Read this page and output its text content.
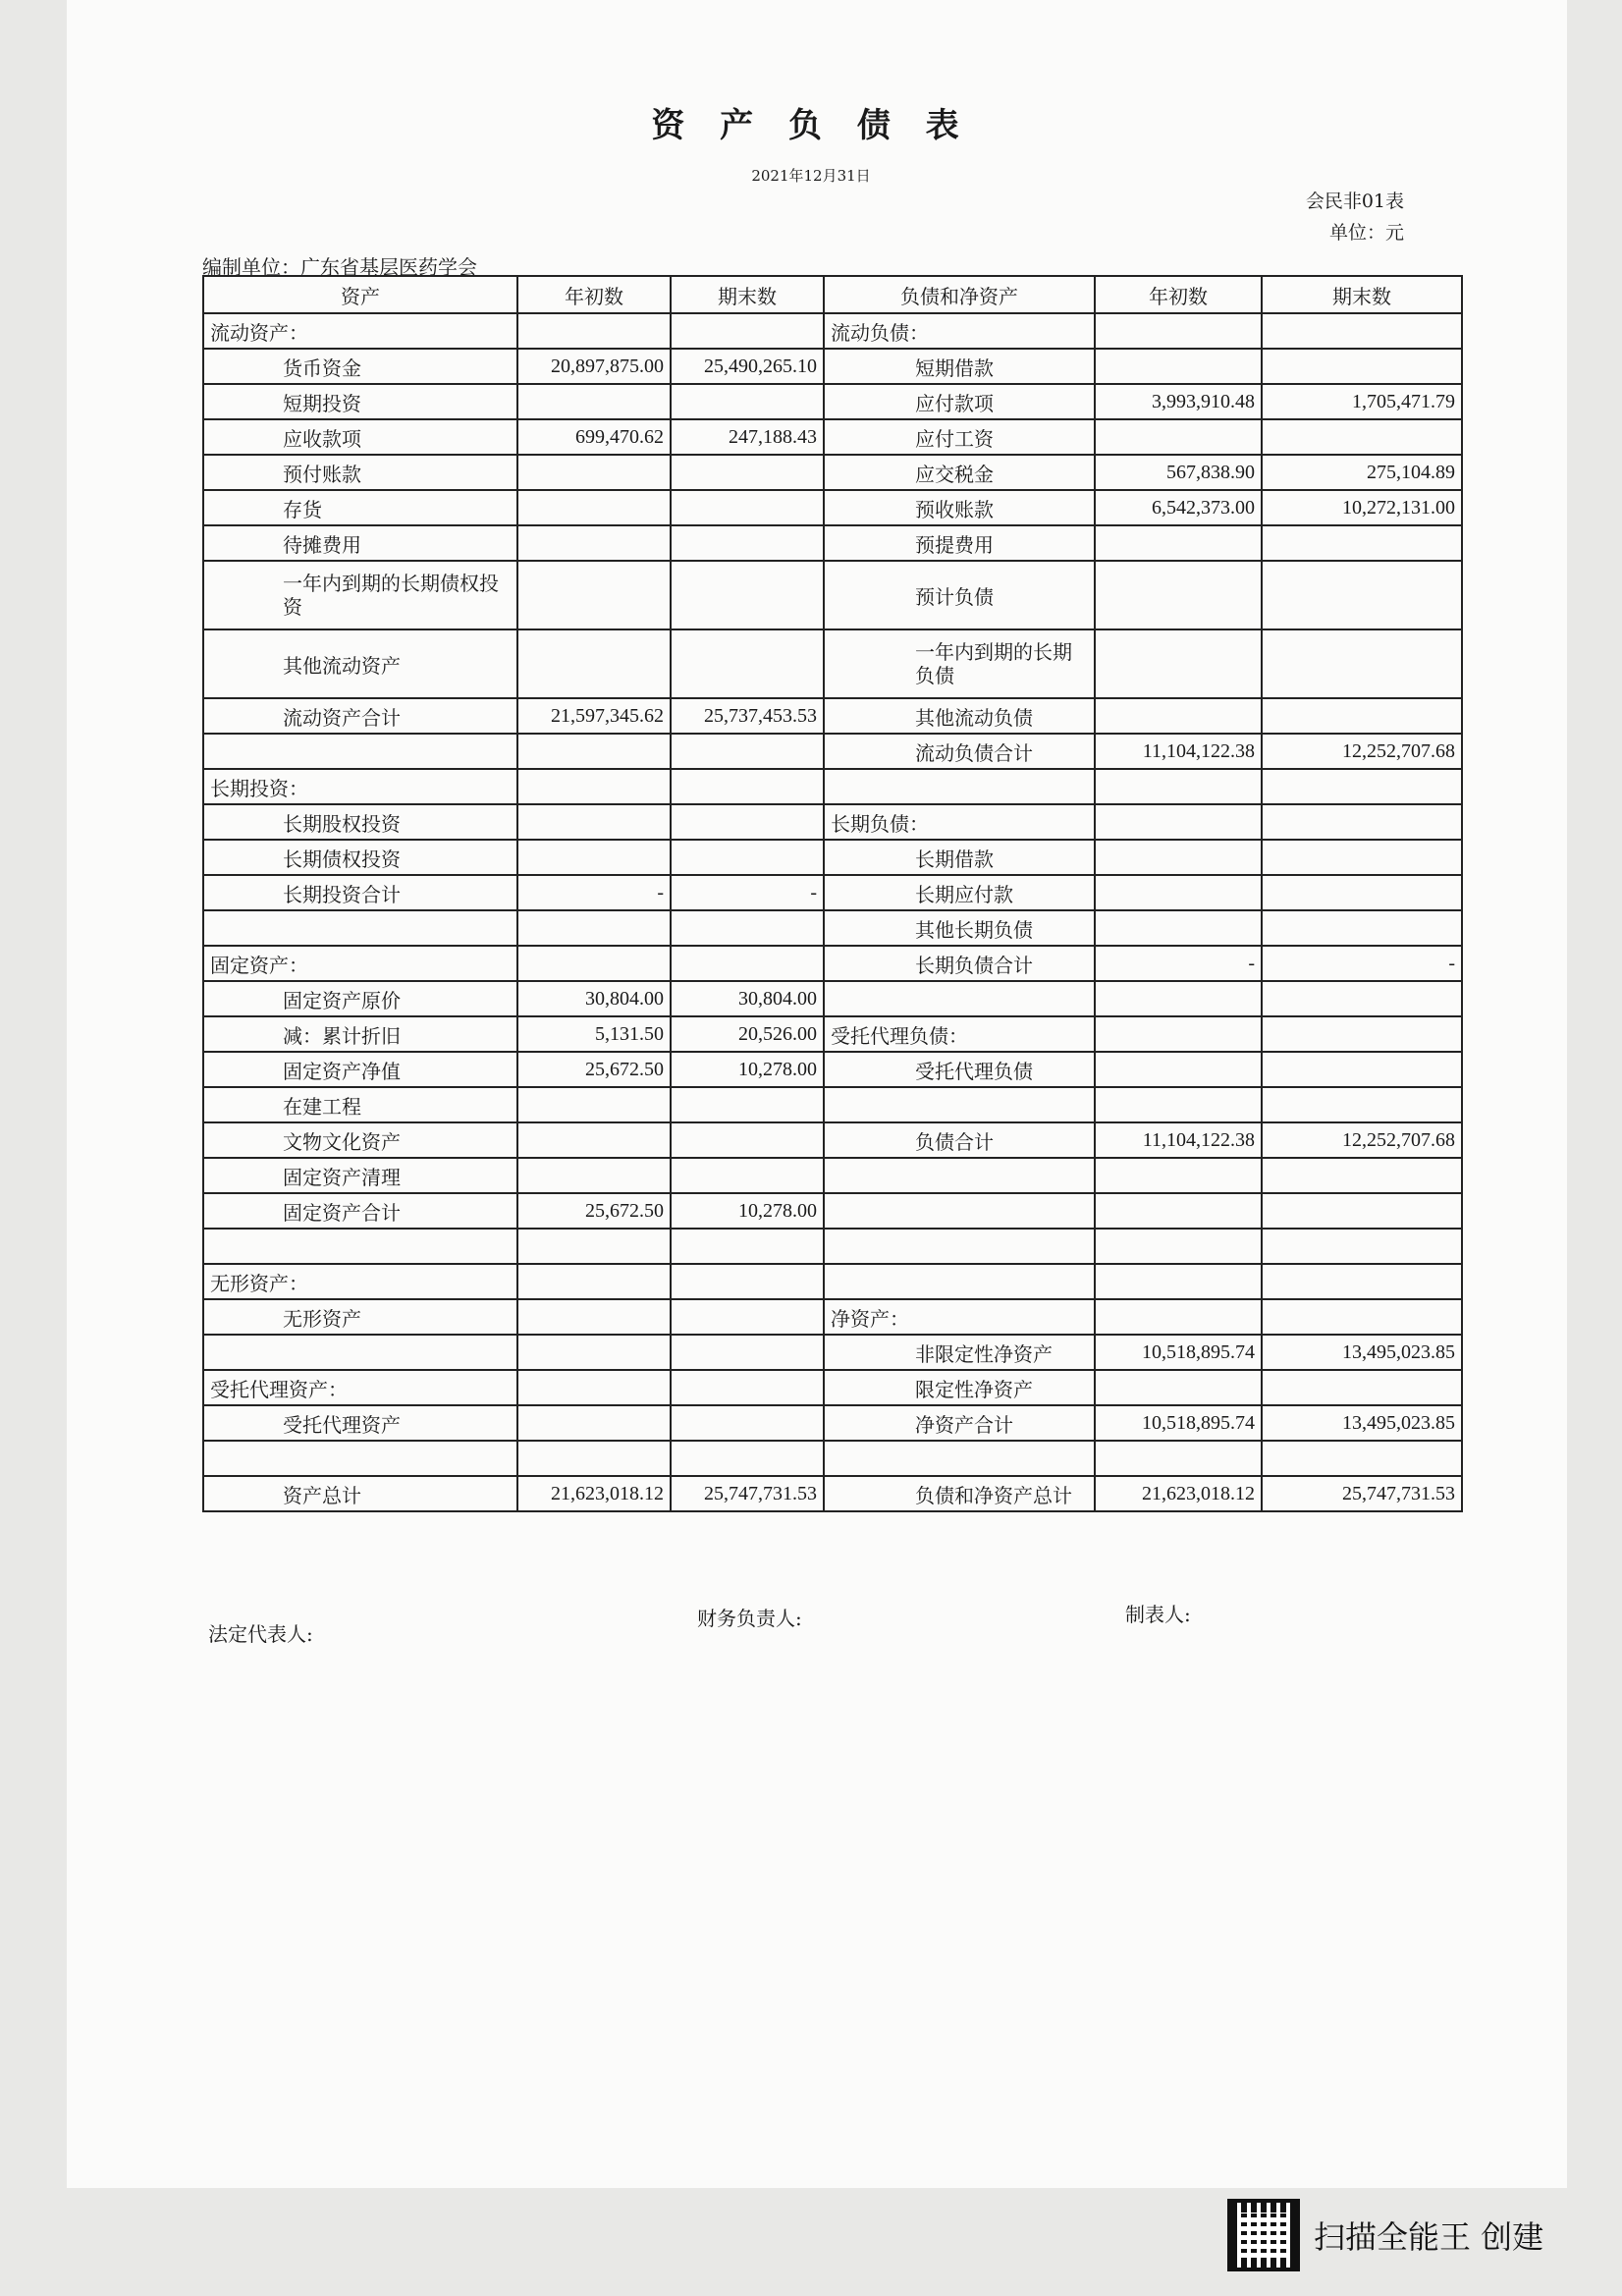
资 产 负 债 表
2021年12月31日
会民非01表
单位：元
编制单位：广东省基层医药学会
资产	年初数	期末数	负债和净资产	年初数	期末数
流动资产：			流动负债：		
货币资金	20,897,875.00	25,490,265.10	短期借款		
短期投资			应付款项	3,993,910.48	1,705,471.79
应收款项	699,470.62	247,188.43	应付工资		
预付账款			应交税金	567,838.90	275,104.89
存货			预收账款	6,542,373.00	10,272,131.00
待摊费用			预提费用		
一年内到期的长期债权投资			预计负债		
其他流动资产			一年内到期的长期负债		
流动资产合计	21,597,345.62	25,737,453.53	其他流动负债		
			流动负债合计	11,104,122.38	12,252,707.68
长期投资：					
长期股权投资			长期负债：		
长期债权投资			长期借款		
长期投资合计	-	-	长期应付款		
			其他长期负债		
固定资产：			长期负债合计	-	-
固定资产原价	30,804.00	30,804.00			
减：累计折旧	5,131.50	20,526.00	受托代理负债：		
固定资产净值	25,672.50	10,278.00	受托代理负债		
在建工程					
文物文化资产			负债合计	11,104,122.38	12,252,707.68
固定资产清理					
固定资产合计	25,672.50	10,278.00			

无形资产：					
无形资产			净资产：		
			非限定性净资产	10,518,895.74	13,495,023.85
受托代理资产：			限定性净资产		
受托代理资产			净资产合计	10,518,895.74	13,495,023.85

资产总计	21,623,018.12	25,747,731.53	负债和净资产总计	21,623,018.12	25,747,731.53
法定代表人:
财务负责人:	制表人:
扫描全能王 创建
